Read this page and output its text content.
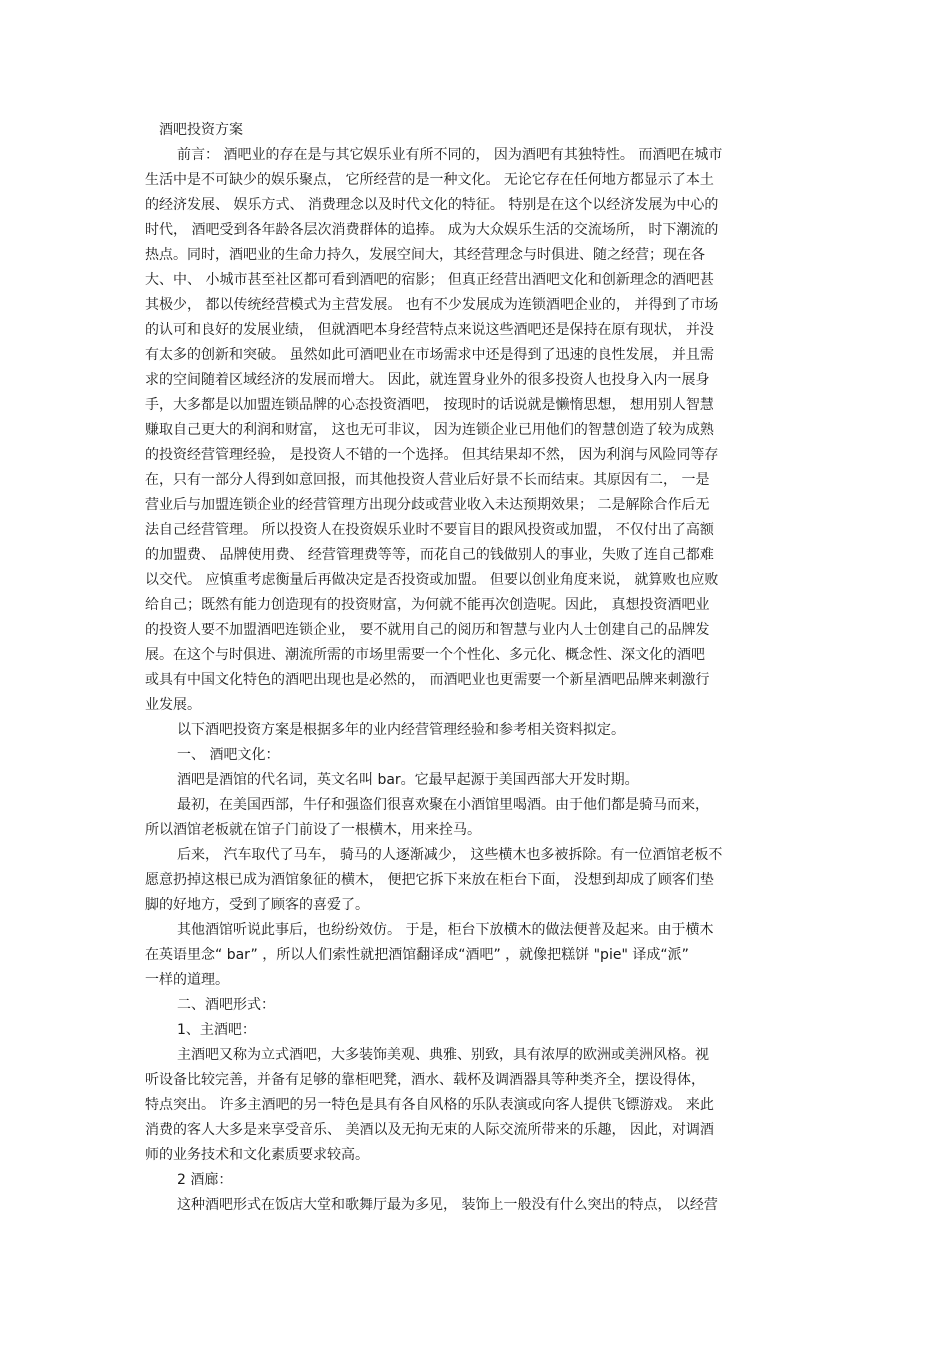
酒吧投资方案
前言： 酒吧业的存在是与其它娱乐业有所不同的， 因为酒吧有其独特性。 而酒吧在城市
生活中是不可缺少的娱乐聚点， 它所经营的是一种文化。 无论它存在任何地方都显示了本土
的经济发展、 娱乐方式、 消费理念以及时代文化的特征。 特别是在这个以经济发展为中心的
时代， 酒吧受到各年龄各层次消费群体的追捧。 成为大众娱乐生活的交流场所， 时下潮流的
热点。同时，酒吧业的生命力持久，发展空间大，其经营理念与时俱进、随之经营；现在各
大、中、 小城市甚至社区都可看到酒吧的宿影； 但真正经营出酒吧文化和创新理念的酒吧甚
其极少， 都以传统经营模式为主营发展。 也有不少发展成为连锁酒吧企业的， 并得到了市场
的认可和良好的发展业绩， 但就酒吧本身经营特点来说这些酒吧还是保持在原有现状， 并没
有太多的创新和突破。 虽然如此可酒吧业在市场需求中还是得到了迅速的良性发展， 并且需
求的空间随着区域经济的发展而增大。 因此，就连置身业外的很多投资人也投身入内一展身
手，大多都是以加盟连锁品牌的心态投资酒吧， 按现时的话说就是懒惰思想， 想用别人智慧
赚取自己更大的利润和财富， 这也无可非议， 因为连锁企业已用他们的智慧创造了较为成熟
的投资经营管理经验， 是投资人不错的一个选择。 但其结果却不然， 因为利润与风险同等存
在，只有一部分人得到如意回报，而其他投资人营业后好景不长而结束。其原因有二， 一是
营业后与加盟连锁企业的经营管理方出现分歧或营业收入未达预期效果； 二是解除合作后无
法自己经营管理。 所以投资人在投资娱乐业时不要盲目的跟风投资或加盟， 不仅付出了高额
的加盟费、 品牌使用费、 经营管理费等等，而花自己的钱做别人的事业，失败了连自己都难
以交代。 应慎重考虑衡量后再做决定是否投资或加盟。 但要以创业角度来说， 就算败也应败
给自己；既然有能力创造现有的投资财富，为何就不能再次创造呢。因此， 真想投资酒吧业
的投资人要不加盟酒吧连锁企业， 要不就用自己的阅历和智慧与业内人士创建自己的品牌发
展。在这个与时俱进、潮流所需的市场里需要一个个性化、多元化、概念性、深文化的酒吧
或具有中国文化特色的酒吧出现也是必然的， 而酒吧业也更需要一个新星酒吧品牌来刺激行
业发展。
以下酒吧投资方案是根据多年的业内经营管理经验和参考相关资料拟定。
一、 酒吧文化：
酒吧是酒馆的代名词，英文名叫 bar。它最早起源于美国西部大开发时期。
最初，在美国西部，牛仔和强盗们很喜欢聚在小酒馆里喝酒。由于他们都是骑马而来，
所以酒馆老板就在馆子门前设了一根横木，用来拴马。
后来， 汽车取代了马车， 骑马的人逐渐减少， 这些横木也多被拆除。有一位酒馆老板不
愿意扔掉这根已成为酒馆象征的横木， 便把它拆下来放在柜台下面， 没想到却成了顾客们垫
脚的好地方，受到了顾客的喜爱了。
其他酒馆听说此事后，也纷纷效仿。 于是，柜台下放横木的做法便普及起来。由于横木
在英语里念“ bar” ，所以人们索性就把酒馆翻译成“酒吧” ，就像把糕饼 "pie" 译成“派”
一样的道理。
二、酒吧形式：
1、主酒吧：
主酒吧又称为立式酒吧，大多装饰美观、典雅、别致，具有浓厚的欧洲或美洲风格。视
听设备比较完善，并备有足够的靠柜吧凳，酒水、载杯及调酒器具等种类齐全，摆设得体，
特点突出。 许多主酒吧的另一特色是具有各自风格的乐队表演或向客人提供飞镖游戏。 来此
消费的客人大多是来享受音乐、 美酒以及无拘无束的人际交流所带来的乐趣， 因此，对调酒
师的业务技术和文化素质要求较高。
2 酒廊：
这种酒吧形式在饭店大堂和歌舞厅最为多见， 装饰上一般没有什么突出的特点， 以经营
